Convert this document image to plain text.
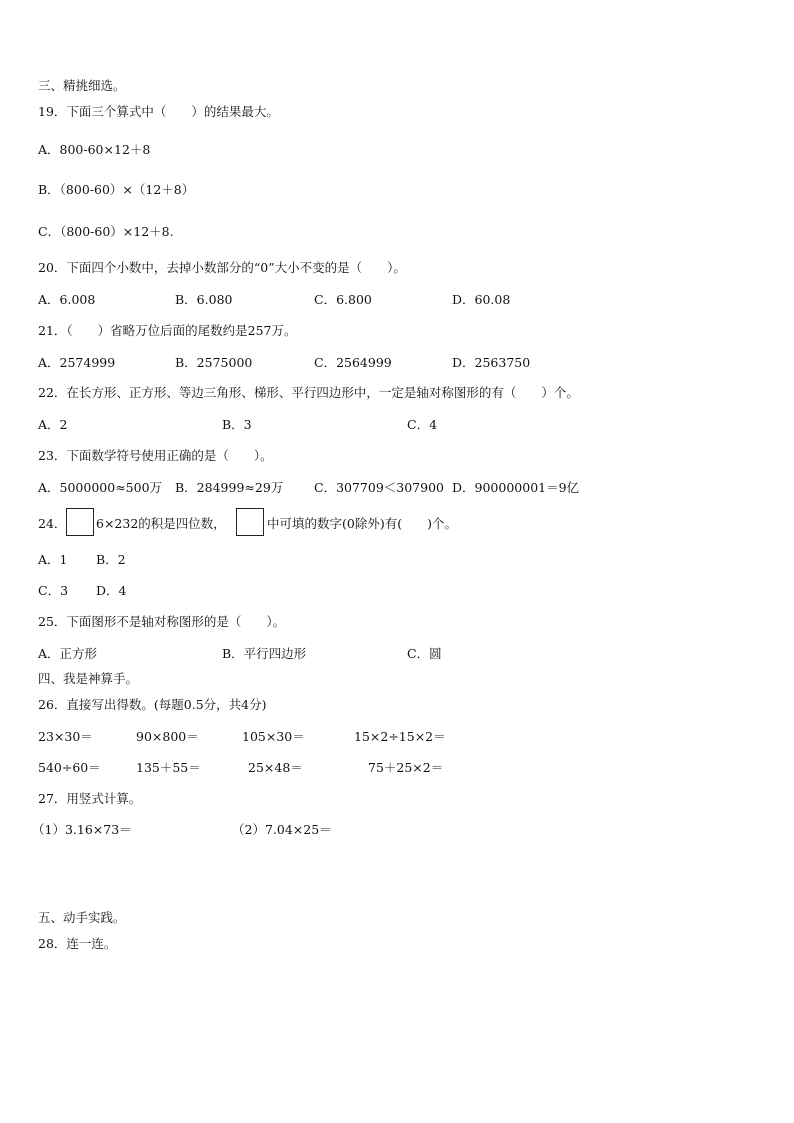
三、精挑细选。
19．下面三个算式中（　　）的结果最大。
A．800-60×12＋8
B．（800-60）×（12＋8）
C．（800-60）×12＋8.
20．下面四个小数中，去掉小数部分的“0”大小不变的是（　　）。
A．6.008	B．6.080	C．6.800	D．60.08
21．（　　）省略万位后面的尾数约是257万。
A．2574999	B．2575000	C．2564999	D．2563750
22．在长方形、正方形、等边三角形、梯形、平行四边形中，一定是轴对称图形的有（　　）个。
A．2	B．3	C．4
23．下面数学符号使用正确的是（　　）。
A．5000000≈500万 B．284999≈29万 C．307709＜307900 D．900000001＝9亿
24． 6×232的积是四位数，	中可填的数字(0除外)有(　　)个。
A．1 B．2
C．3 D．4
25．下面图形不是轴对称图形的是（　　）。
A．正方形	B．平行四边形	C．圆
四、我是神算手。
26．直接写出得数。(每题0.5分，共4分)
23×30＝	90×800＝	105×30＝	15×2÷15×2＝
540÷60＝	135＋55＝	25×48＝	75＋25×2＝
27．用竖式计算。
（1）3.16×73＝	（2）7.04×25＝
五、动手实践。
28．连一连。
